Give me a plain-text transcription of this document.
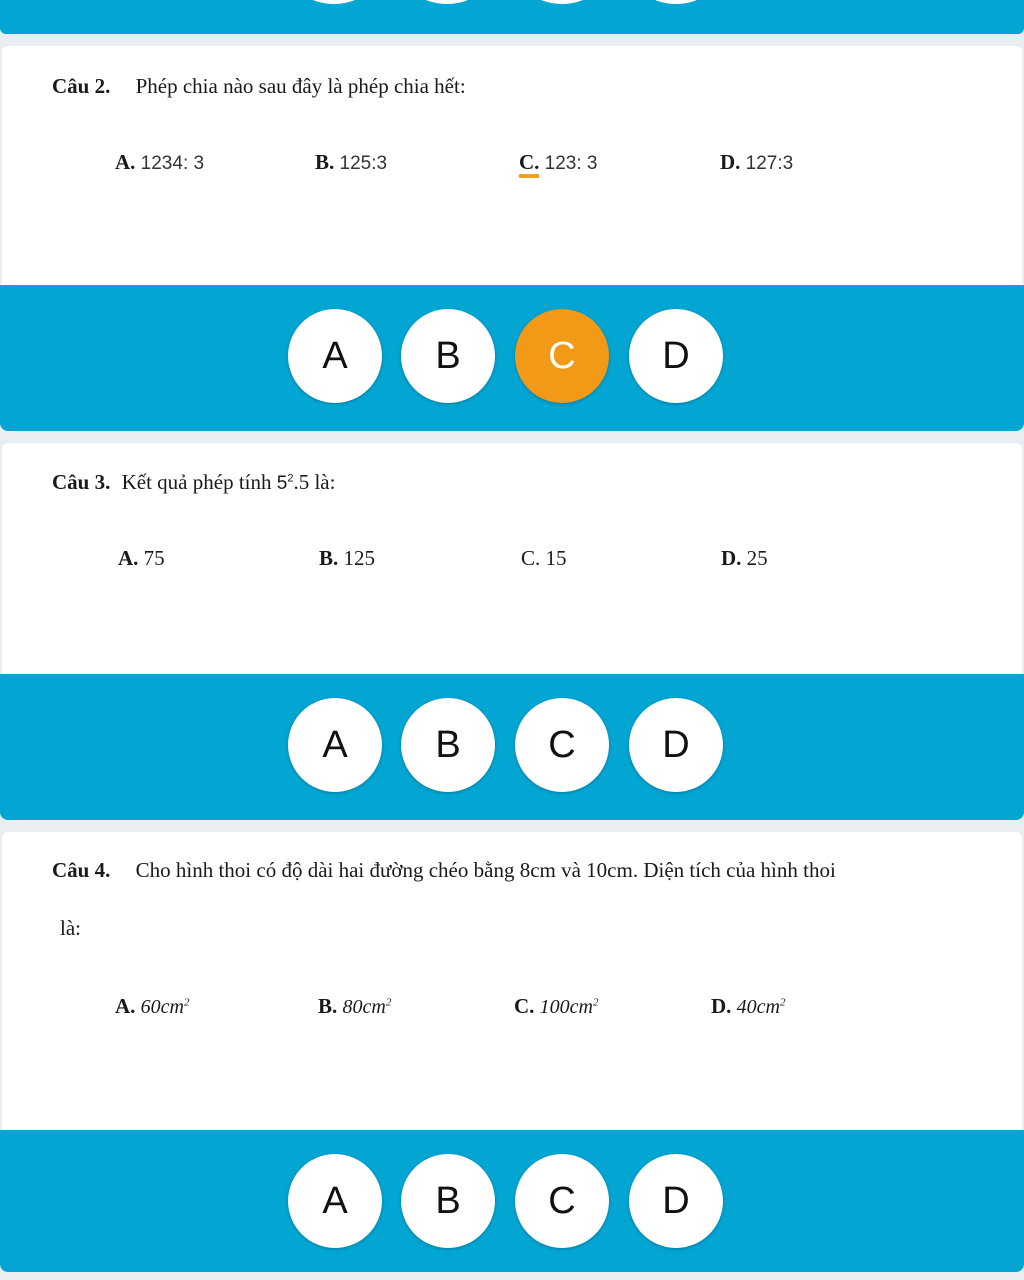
Câu 2. Phép chia nào sau đây là phép chia hết:
A. 1234: 3	B. 125:3	C. 123: 3	D. 127:3
A	B	C	D
Câu 3. Kết quả phép tính $5^2.5$ là:
A. 75	B. 125	C. 15	D. 25
A	B	C	D
Câu 4. Cho hình thoi có độ dài hai đường chéo bằng 8cm và 10cm. Diện tích của hình thoi
là:
A. $60cm^2$	B. $80cm^2$	C. $100cm^2$	D. $40cm^2$
A	B	C	D
